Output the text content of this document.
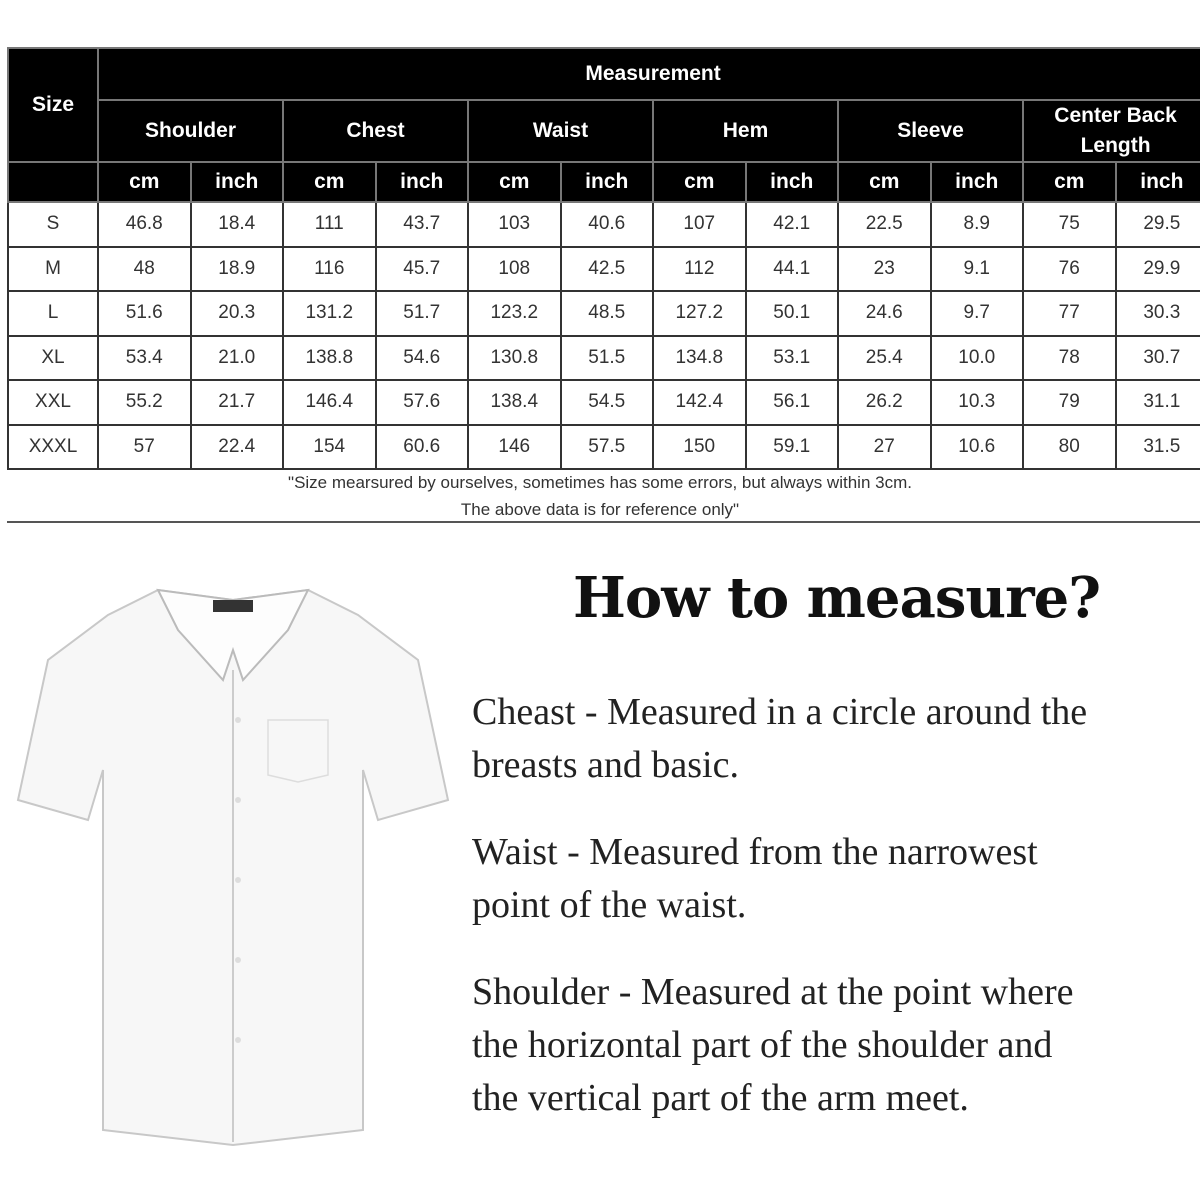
Size	Measurement											
	Shoulder		Chest		Waist		Hem		Sleeve		Center Back Length	
	cm	inch	cm	inch	cm	inch	cm	inch	cm	inch	cm	inch
S	46.8	18.4	111	43.7	103	40.6	107	42.1	22.5	8.9	75	29.5
M	48	18.9	116	45.7	108	42.5	112	44.1	23	9.1	76	29.9
L	51.6	20.3	131.2	51.7	123.2	48.5	127.2	50.1	24.6	9.7	77	30.3
XL	53.4	21.0	138.8	54.6	130.8	51.5	134.8	53.1	25.4	10.0	78	30.7
XXL	55.2	21.7	146.4	57.6	138.4	54.5	142.4	56.1	26.2	10.3	79	31.1
XXXL	57	22.4	154	60.6	146	57.5	150	59.1	27	10.6	80	31.5
"Size mearsured by ourselves, sometimes has some errors, but always within 3cm.
The above data is for reference only"
How to measure?
Cheast - Measured in a circle around the
breasts and basic.
Waist - Measured from the narrowest
point of the waist.
Shoulder - Measured at the point where
the horizontal part of the shoulder and
the vertical part of the arm meet.
